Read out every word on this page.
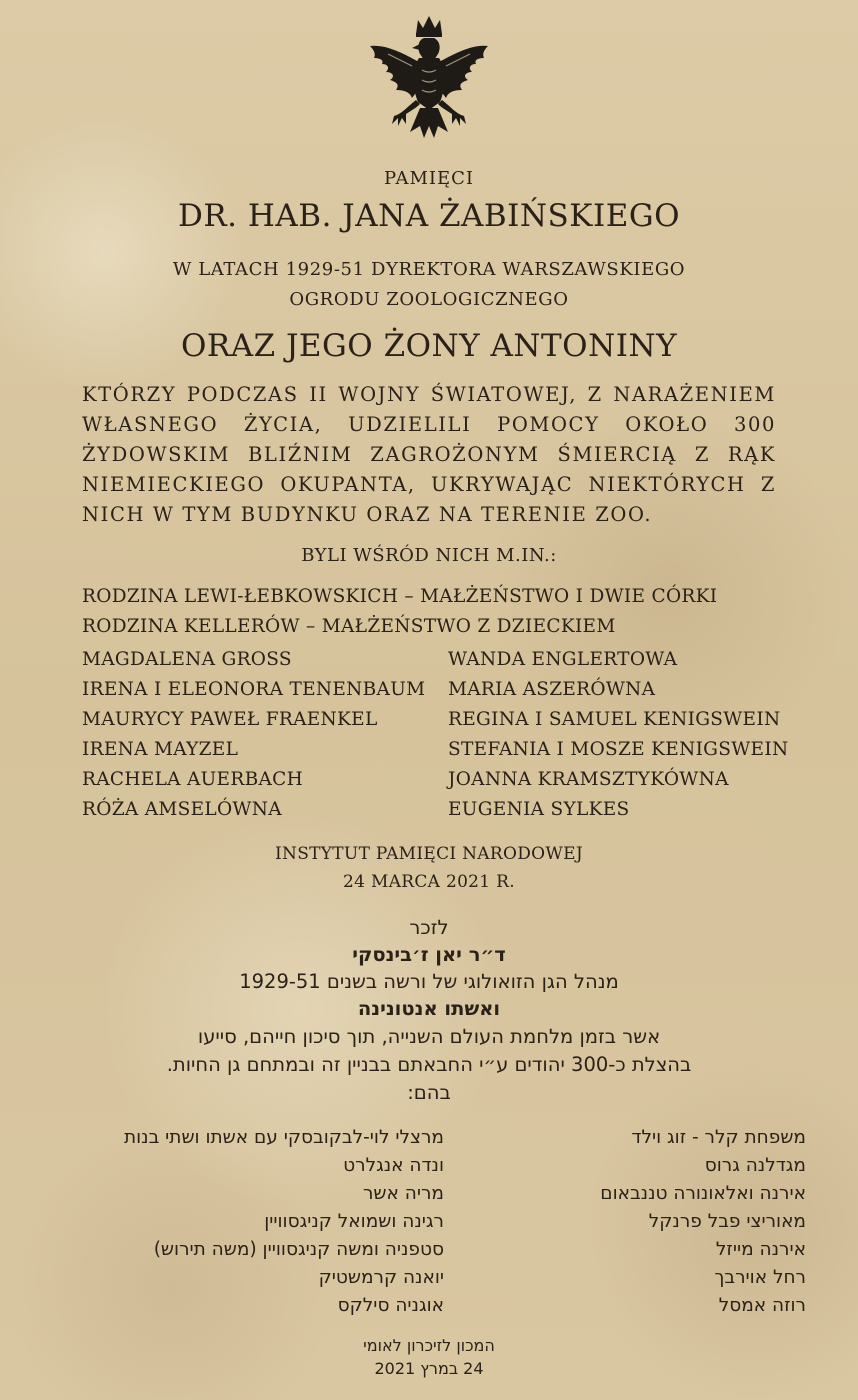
PAMIĘCI
DR. HAB. JANA ŻABIŃSKIEGO
W LATACH 1929-51 DYREKTORA WARSZAWSKIEGO
OGRODU ZOOLOGICZNEGO
ORAZ JEGO ŻONY ANTONINY
KTÓRZY PODCZAS II WOJNY ŚWIATOWEJ, Z NARAŻENIEM WŁASNEGO ŻYCIA, UDZIELILI POMOCY OKOŁO 300 ŻYDOWSKIM BLIŹNIM ZAGROŻONYM ŚMIERCIĄ Z RĄK NIEMIECKIEGO OKUPANTA, UKRYWAJĄC NIEKTÓRYCH Z NICH W TYM BUDYNKU ORAZ NA TERENIE ZOO.
BYLI WŚRÓD NICH M.IN.:
RODZINA LEWI-ŁEBKOWSKICH – MAŁŻEŃSTWO I DWIE CÓRKI
RODZINA KELLERÓW – MAŁŻEŃSTWO Z DZIECKIEM
MAGDALENA GROSS
IRENA I ELEONORA TENENBAUM
MAURYCY PAWEŁ FRAENKEL
IRENA MAYZEL
RACHELA AUERBACH
RÓŻA AMSELÓWNA
WANDA ENGLERTOWA
MARIA ASZERÓWNA
REGINA I SAMUEL KENIGSWEIN
STEFANIA I MOSZE KENIGSWEIN
JOANNA KRAMSZTYKÓWNA
EUGENIA SYLKES
INSTYTUT PAMIĘCI NARODOWEJ
24 MARCA 2021 R.
לזכר
ד״ר יאן ז׳בינסקי
מנהל הגן הזואולוגי של ורשה בשנים 1929-51
ואשתו אנטונינה
אשר בזמן מלחמת העולם השנייה, תוך סיכון חייהם, סייעו
בהצלת כ-300 יהודים ע״י החבאתם בבניין זה ובמתחם גן החיות.
בהם:
משפחת קלר - זוג וילד
מגדלנה גרוס
אירנה ואלאונורה טננבאום
מאוריצי פבל פרנקל
אירנה מייזל
רחל אוירבך
רוזה אמסל
מרצלי לוי-לבקובסקי עם אשתו ושתי בנות
ונדה אנגלרט
מריה אשר
רגינה ושמואל קניגסוויין
סטפניה ומשה קניגסוויין (משה תירוש)
יואנה קרמשטיק
אוגניה סילקס
המכון לזיכרון לאומי
24 במרץ 2021
